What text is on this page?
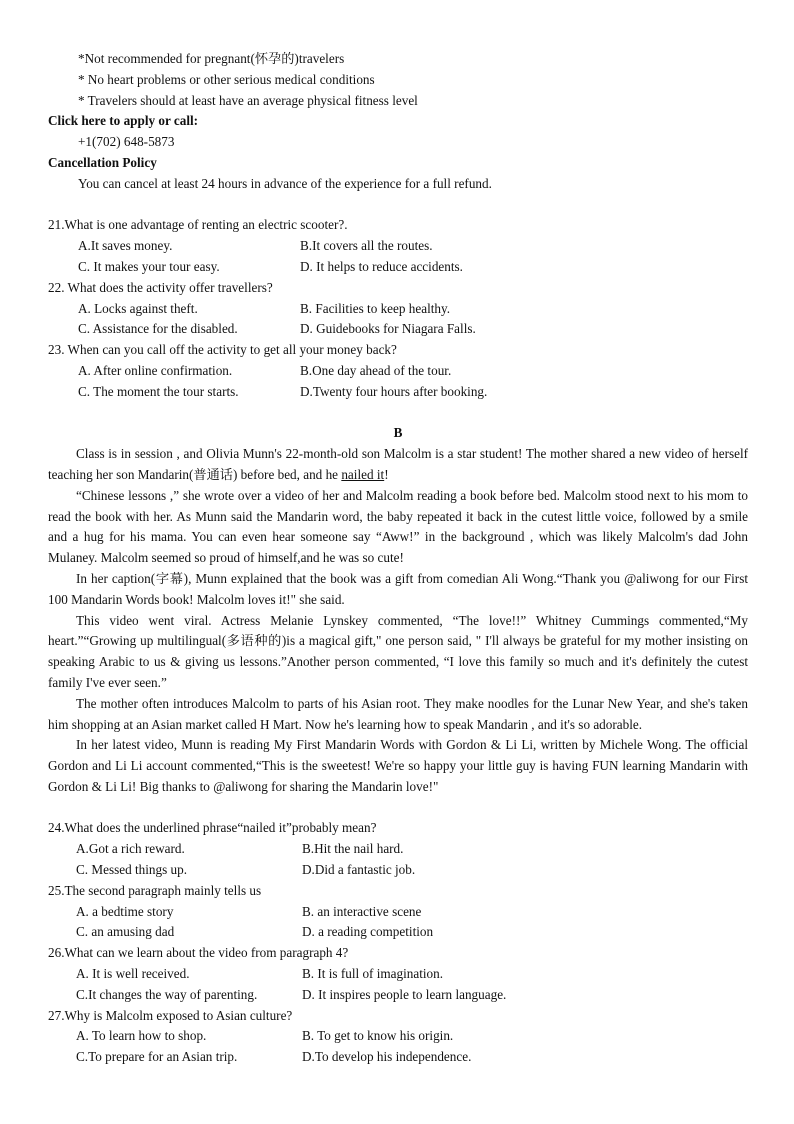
*Not recommended for pregnant(怀孕的)travelers
* No heart problems or other serious medical conditions
* Travelers should at least have an average physical fitness level
Click here to apply or call:
+1(702) 648-5873
Cancellation Policy
You can cancel at least 24 hours in advance of the experience for a full refund.
21.What is one advantage of renting an electric scooter?.
A.It saves money.	B.It covers all the routes.
C. It makes your tour easy.	D. It helps to reduce accidents.
22. What does the activity offer travellers?
A. Locks against theft.	B. Facilities to keep healthy.
C. Assistance for the disabled.	D. Guidebooks for Niagara Falls.
23. When can you call off the activity to get all your money back?
A. After online confirmation.	B.One day ahead of the tour.
C. The moment the tour starts.	D.Twenty four hours after booking.
B

Class is in session , and Olivia Munn's 22-month-old son Malcolm is a star student! The mother shared a new video of herself teaching her son Mandarin(普通话) before bed, and he nailed it!

“Chinese lessons ,” she wrote over a video of her and Malcolm reading a book before bed. Malcolm stood next to his mom to read the book with her. As Munn said the Mandarin word, the baby repeated it back in the cutest little voice, followed by a smile and a hug for his mama. You can even hear someone say “Aww!” in the background , which was likely Malcolm's dad John Mulaney. Malcolm seemed so proud of himself,and he was so cute!

In her caption(字幕), Munn explained that the book was a gift from comedian Ali Wong.“Thank you @aliwong for our First 100 Mandarin Words book! Malcolm loves it!" she said.

This video went viral. Actress Melanie Lynskey commented, “The love!!” Whitney Cummings commented,“My heart.”“Growing up multilingual(多语种的)is a magical gift," one person said, " I'll always be grateful for my mother insisting on speaking Arabic to us & giving us lessons.”Another person commented, “I love this family so much and it's definitely the cutest family I've ever seen.”

The mother often introduces Malcolm to parts of his Asian root. They make noodles for the Lunar New Year, and she's taken him shopping at an Asian market called H Mart. Now he's learning how to speak Mandarin , and it's so adorable.

In her latest video, Munn is reading My First Mandarin Words with Gordon & Li Li, written by Michele Wong. The official Gordon and Li Li account commented,“This is the sweetest! We're so happy your little guy is having FUN learning Mandarin with Gordon & Li Li! Big thanks to @aliwong for sharing the Mandarin love!"

24.What does the underlined phrase“nailed it”probably mean?
A.Got a rich reward.	B.Hit the nail hard.
C. Messed things up.	D.Did a fantastic job.
25.The second paragraph mainly tells us
A. a bedtime story	B. an interactive scene
C. an amusing dad	D. a reading competition
26.What can we learn about the video from paragraph 4?
A. It is well received.	B. It is full of imagination.
C.It changes the way of parenting.	D. It inspires people to learn language.
27.Why is Malcolm exposed to Asian culture?
A. To learn how to shop.	B. To get to know his origin.
C.To prepare for an Asian trip.	D.To develop his independence.
